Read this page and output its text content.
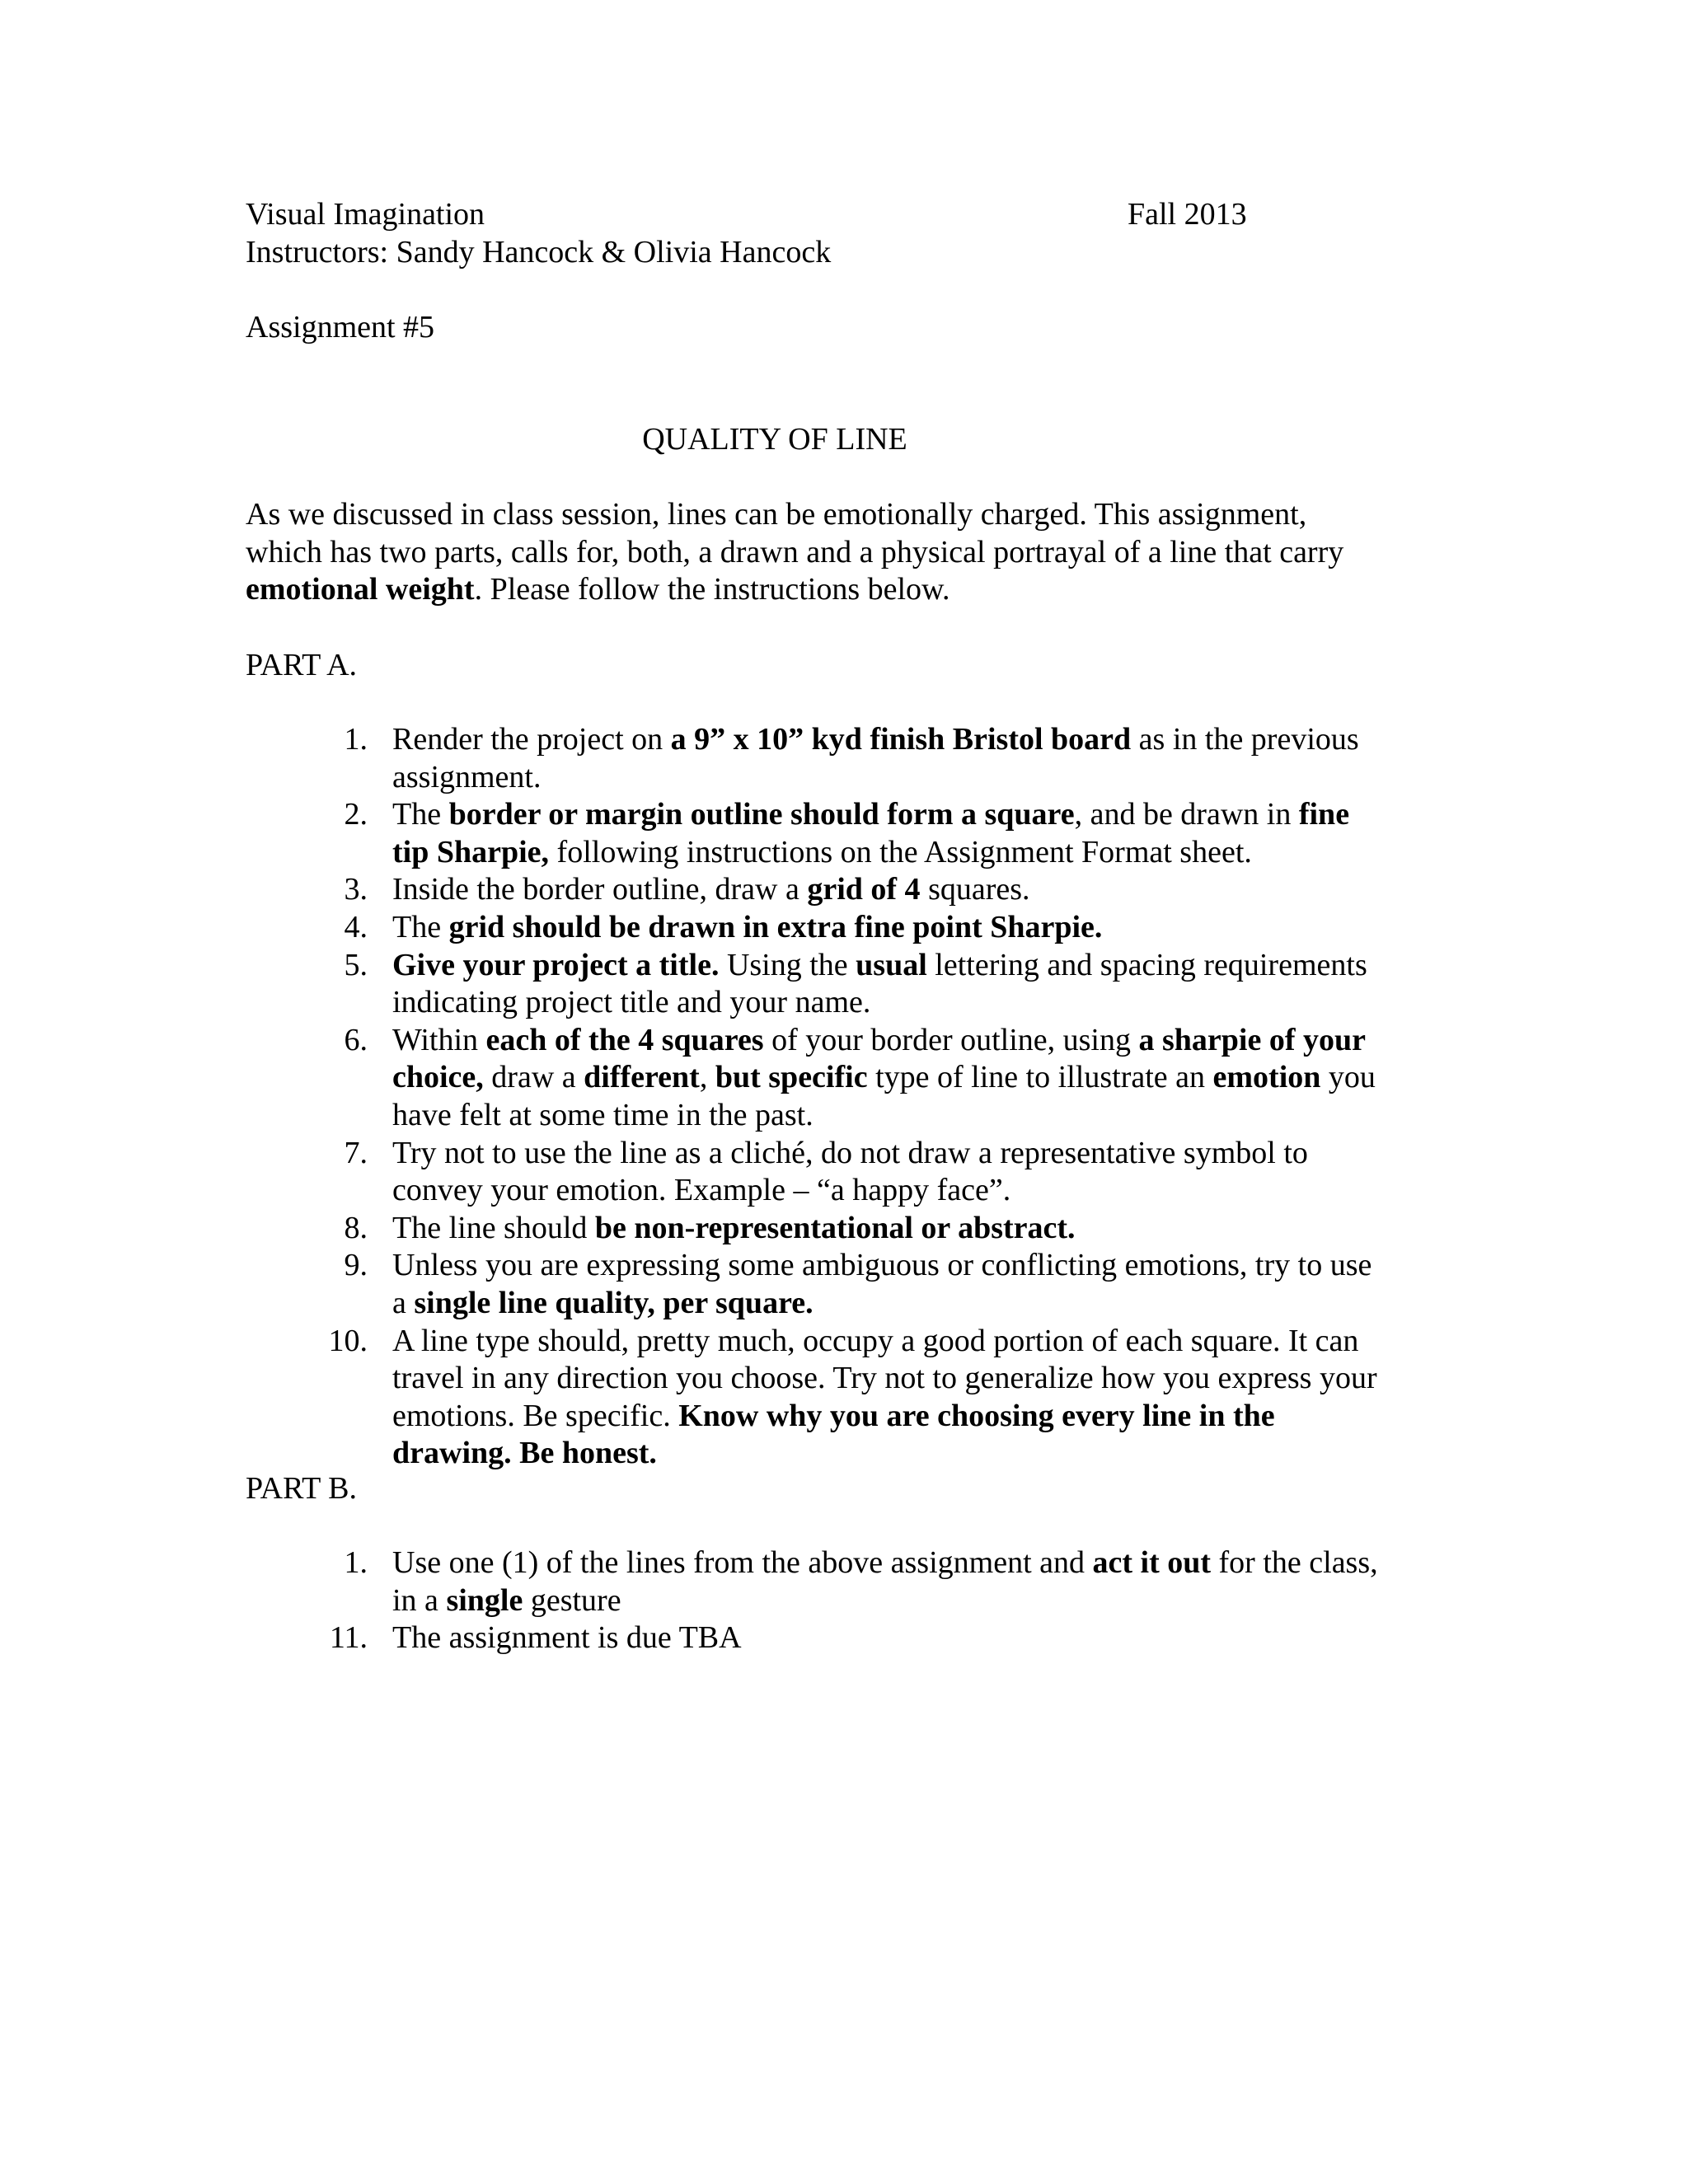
Visual Imagination	Fall 2013
Instructors: Sandy Hancock & Olivia Hancock
Assignment #5
QUALITY OF LINE
As we discussed in class session, lines can be emotionally charged. This assignment,
which has two parts, calls for, both, a drawn and a physical portrayal of a line that carry
emotional weight. Please follow the instructions below.
PART A.
1. Render the project on a 9” x 10” kyd finish Bristol board as in the previous
assignment.
2. The border or margin outline should form a square, and be drawn in fine
tip Sharpie, following instructions on the Assignment Format sheet.
3. Inside the border outline, draw a grid of 4 squares.
4. The grid should be drawn in extra fine point Sharpie.
5. Give your project a title. Using the usual lettering and spacing requirements
indicating project title and your name.
6. Within each of the 4 squares of your border outline, using a sharpie of your
choice, draw a different, but specific type of line to illustrate an emotion you
have felt at some time in the past.
7. Try not to use the line as a cliché, do not draw a representative symbol to
convey your emotion. Example – “a happy face”.
8. The line should be non-representational or abstract.
9. Unless you are expressing some ambiguous or conflicting emotions, try to use
a single line quality, per square.
10. A line type should, pretty much, occupy a good portion of each square. It can
travel in any direction you choose. Try not to generalize how you express your
emotions. Be specific. Know why you are choosing every line in the
drawing. Be honest.
PART B.
1. Use one (1) of the lines from the above assignment and act it out for the class,
in a single gesture
11. The assignment is due TBA
